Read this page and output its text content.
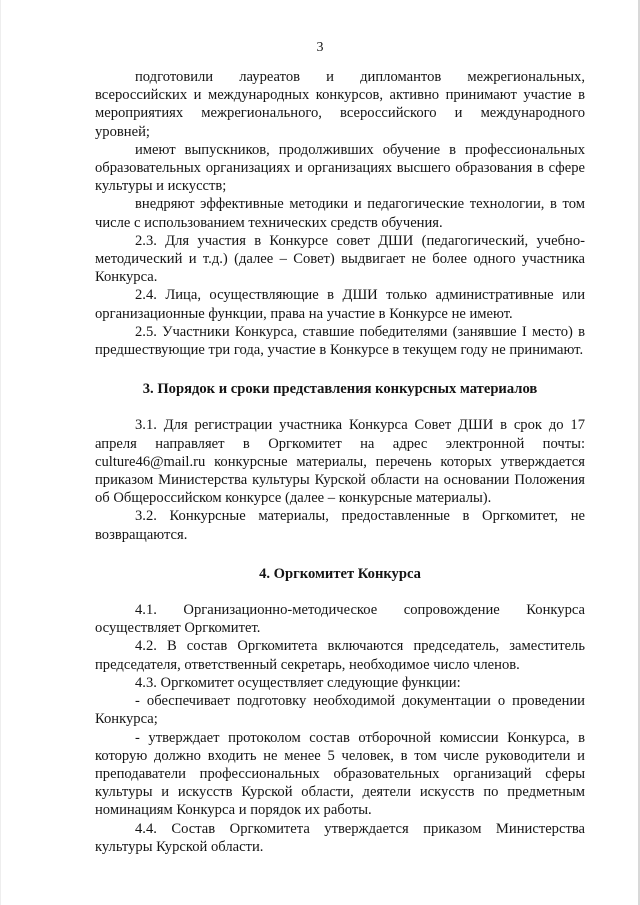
3

подготовили лауреатов и дипломантов межрегиональных, всероссийских и международных конкурсов, активно принимают участие в мероприятиях межрегионального, всероссийского и международного уровней;

имеют выпускников, продолживших обучение в профессиональных образовательных организациях и организациях высшего образования в сфере культуры и искусств;

внедряют эффективные методики и педагогические технологии, в том числе с использованием технических средств обучения.

2.3. Для участия в Конкурсе совет ДШИ (педагогический, учебно-методический и т.д.) (далее – Совет) выдвигает не более одного участника Конкурса.

2.4. Лица, осуществляющие в ДШИ только административные или организационные функции, права на участие в Конкурсе не имеют.

2.5. Участники Конкурса, ставшие победителями (занявшие I место) в предшествующие три года, участие в Конкурсе в текущем году не принимают.

3. Порядок и сроки представления конкурсных материалов

3.1. Для регистрации участника Конкурса Совет ДШИ в срок до 17 апреля направляет в Оргкомитет на адрес электронной почты: culture46@mail.ru конкурсные материалы, перечень которых утверждается приказом Министерства культуры Курской области на основании Положения об Общероссийском конкурсе (далее – конкурсные материалы).

3.2. Конкурсные материалы, предоставленные в Оргкомитет, не возвращаются.

4. Оргкомитет Конкурса

4.1. Организационно-методическое сопровождение Конкурса осуществляет Оргкомитет.

4.2. В состав Оргкомитета включаются председатель, заместитель председателя, ответственный секретарь, необходимое число членов.

4.3. Оргкомитет осуществляет следующие функции:

- обеспечивает подготовку необходимой документации о проведении Конкурса;

- утверждает протоколом состав отборочной комиссии Конкурса, в которую должно входить не менее 5 человек, в том числе руководители и преподаватели профессиональных образовательных организаций сферы культуры и искусств Курской области, деятели искусств по предметным номинациям Конкурса и порядок их работы.

4.4. Состав Оргкомитета утверждается приказом Министерства культуры Курской области.
